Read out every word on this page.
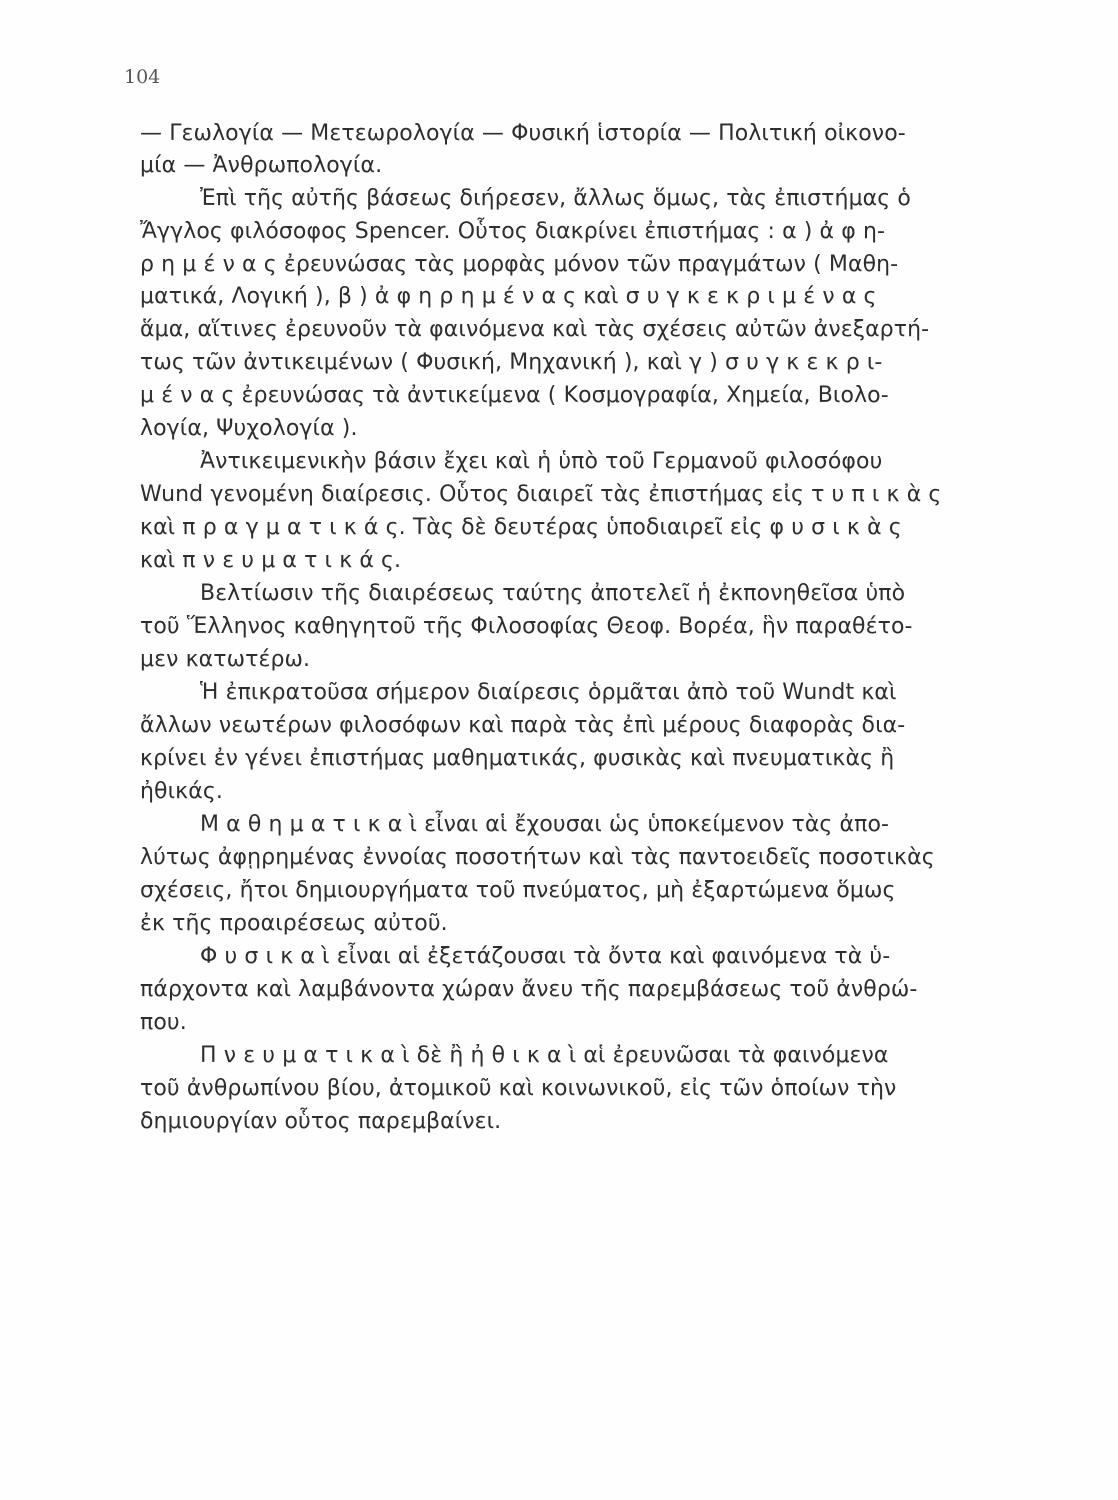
104
— Γεωλογία — Μετεωρολογία — Φυσική ἱστορία — Πολιτική οἰκονο-
μία — Ἀνθρωπολογία.
Ἐπὶ τῆς αὐτῆς βάσεως διήρεσεν, ἄλλως ὅμως, τὰς ἐπιστήμας ὁ
Ἄγγλος φιλόσοφος Spencer. Οὗτος διακρίνει ἐπιστήμας : α ) ἀ φ η-
ρ η μ έ ν α ς ἐρευνώσας τὰς μορφὰς μόνον τῶν πραγμάτων ( Μαθη-
ματικά, Λογική ), β ) ἀ φ η ρ η μ έ ν α ς καὶ σ υ γ κ ε κ ρ ι μ έ ν α ς
ἅμα, αἵτινες ἐρευνοῦν τὰ φαινόμενα καὶ τὰς σχέσεις αὐτῶν ἀνεξαρτή-
τως τῶν ἀντικειμένων ( Φυσική, Μηχανική ), καὶ γ ) σ υ γ κ ε κ ρ ι-
μ έ ν α ς ἐρευνώσας τὰ ἀντικείμενα ( Κοσμογραφία, Χημεία, Βιολο-
λογία, Ψυχολογία ).
Ἀντικειμενικὴν βάσιν ἔχει καὶ ἡ ὑπὸ τοῦ Γερμανοῦ φιλοσόφου
Wund γενομένη διαίρεσις. Οὗτος διαιρεῖ τὰς ἐπιστήμας εἰς τ υ π ι κ ὰ ς
καὶ π ρ α γ μ α τ ι κ ά ς. Τὰς δὲ δευτέρας ὑποδιαιρεῖ εἰς φ υ σ ι κ ὰ ς
καὶ π ν ε υ μ α τ ι κ ά ς.
Βελτίωσιν τῆς διαιρέσεως ταύτης ἀποτελεῖ ἡ ἐκπονηθεῖσα ὑπὸ
τοῦ Ἕλληνος καθηγητοῦ τῆς Φιλοσοφίας Θεοφ. Βορέα, ἣν παραθέτο-
μεν κατωτέρω.
Ἡ ἐπικρατοῦσα σήμερον διαίρεσις ὁρμᾶται ἀπὸ τοῦ Wundt καὶ
ἄλλων νεωτέρων φιλοσόφων καὶ παρὰ τὰς ἐπὶ μέρους διαφορὰς δια-
κρίνει ἐν γένει ἐπιστήμας μαθηματικάς, φυσικὰς καὶ πνευματικὰς ἢ
ἠθικάς.
Μ α θ η μ α τ ι κ α ὶ εἶναι αἱ ἔχουσαι ὡς ὑποκείμενον τὰς ἀπο-
λύτως ἀφῃρημένας ἐννοίας ποσοτήτων καὶ τὰς παντοειδεῖς ποσοτικὰς
σχέσεις, ἤτοι δημιουργήματα τοῦ πνεύματος, μὴ ἐξαρτώμενα ὅμως
ἐκ τῆς προαιρέσεως αὐτοῦ.
Φ υ σ ι κ α ὶ εἶναι αἱ ἐξετάζουσαι τὰ ὄντα καὶ φαινόμενα τὰ ὑ-
πάρχοντα καὶ λαμβάνοντα χώραν ἄνευ τῆς παρεμβάσεως τοῦ ἀνθρώ-
που.
Π ν ε υ μ α τ ι κ α ὶ δὲ ἢ ἠ θ ι κ α ὶ αἱ ἐρευνῶσαι τὰ φαινόμενα
τοῦ ἀνθρωπίνου βίου, ἀτομικοῦ καὶ κοινωνικοῦ, εἰς τῶν ὁποίων τὴν
δημιουργίαν οὗτος παρεμβαίνει.
